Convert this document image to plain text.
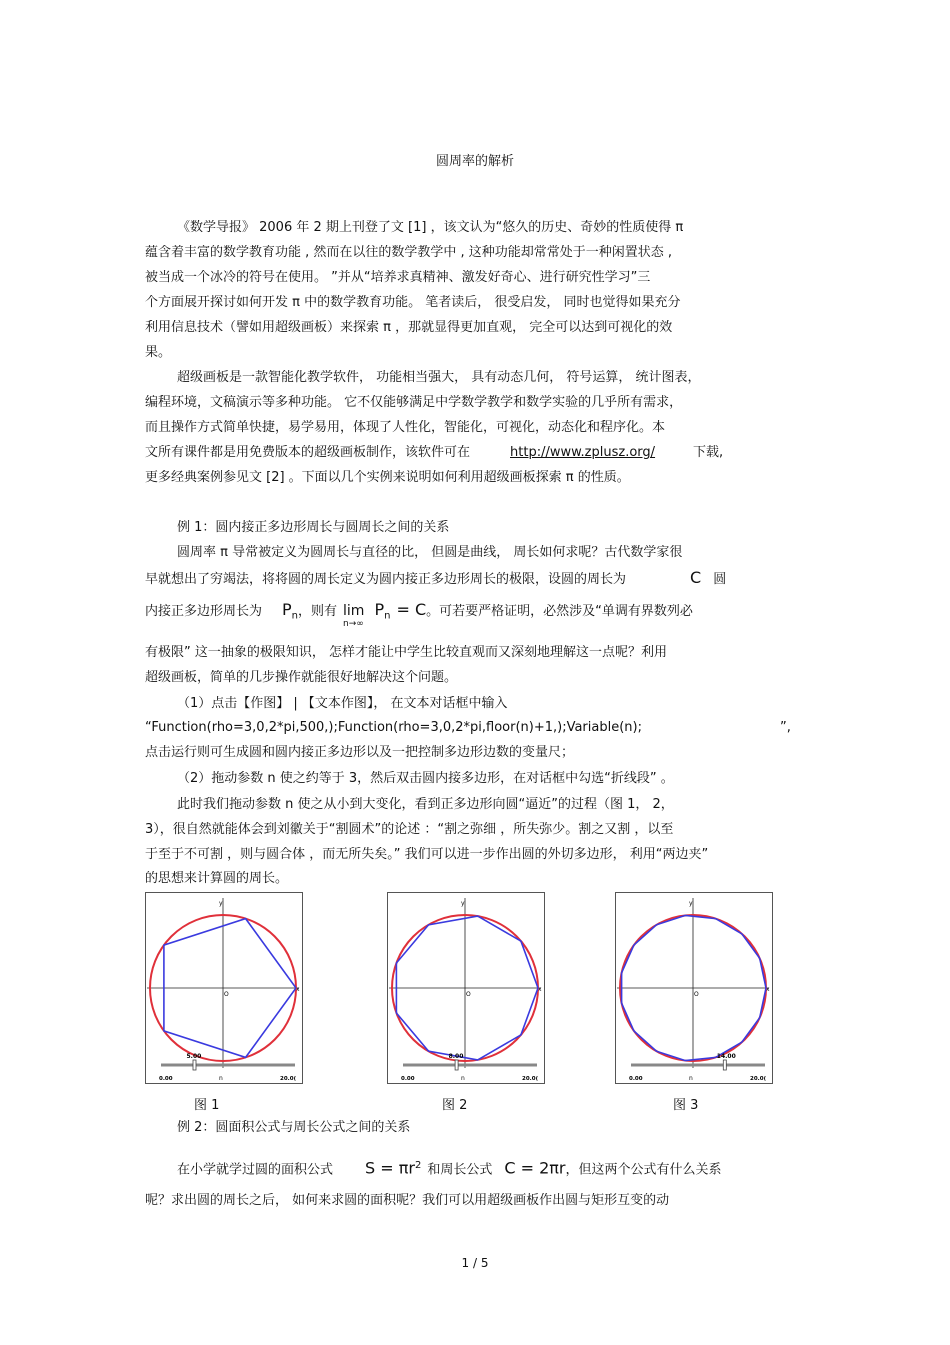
圆周率的解析
《数学导报》 2006 年 2 期上刊登了文 [1] ，该文认为“悠久的历史、奇妙的性质使得 π
蕴含着丰富的数学教育功能 , 然而在以往的数学教学中 , 这种功能却常常处于一种闲置状态 ,
被当成一个冰冷的符号在使用。 ”并从“培养求真精神、激发好奇心、进行研究性学习”三
个方面展开探讨如何开发 π 中的数学教育功能。 笔者读后， 很受启发， 同时也觉得如果充分
利用信息技术（譬如用超级画板）来探索 π ，那就显得更加直观， 完全可以达到可视化的效
果。
超级画板是一款智能化教学软件， 功能相当强大， 具有动态几何， 符号运算， 统计图表，
编程环境，文稿演示等多种功能。 它不仅能够满足中学数学教学和数学实验的几乎所有需求，
而且操作方式简单快捷，易学易用，体现了人性化，智能化，可视化，动态化和程序化。本
文所有课件都是用免费版本的超级画板制作，该软件可在	http://www.zplusz.org/	下载,
更多经典案例参见文 [2] 。下面以几个实例来说明如何利用超级画板探索 π 的性质。
例 1：圆内接正多边形周长与圆周长之间的关系
圆周率 π 导常被定义为圆周长与直径的比， 但圆是曲线， 周长如何求呢？古代数学家很
早就想出了穷竭法，将将圆的周长定义为圆内接正多边形周长的极限，设圆的周长为	C 圆
内接正多边形周长为 $P_n$，则有 lim
n→∞
$P_n = C$。可若要严格证明，必然涉及“单调有界数列必
有极限” 这一抽象的极限知识， 怎样才能让中学生比较直观而又深刻地理解这一点呢？利用
超级画板，简单的几步操作就能很好地解决这个问题。
（1）点击【作图】 | 【文本作图】， 在文本对话框中输入
“Function(rho=3,0,2*pi,500,);Function(rho=3,0,2*pi,floor(n)+1,);Variable(n);	”,
点击运行则可生成圆和圆内接正多边形以及一把控制多边形边数的变量尺；
（2）拖动参数 n 使之约等于 3，然后双击圆内接多边形，在对话框中勾选“折线段” 。
此时我们拖动参数 n 使之从小到大变化，看到正多边形向圆“逼近”的过程（图 1， 2，
3），很自然就能体会到刘徽关于“割圆术”的论述 ：“割之弥细 ，所失弥少。割之又割 ，以至
于至于不可割 ，则与圆合体 ，而无所失矣。” 我们可以进一步作出圆的外切多边形， 利用“两边夹”
的思想来计算圆的周长。
y
x
O
5.00
0.00	n	20.0(
y
x
O
8.00
0.00	n	20.0(
y
x
O
14.00
0.00	n	20.0(
图 1	图 2	图 3
例 2：圆面积公式与周长公式之间的关系
在小学就学过圆的面积公式 $S = \pi r^2$ 和周长公式 C = 2πr，但这两个公式有什么关系
呢？求出圆的周长之后， 如何来求圆的面积呢？我们可以用超级画板作出圆与矩形互变的动
1 / 5
